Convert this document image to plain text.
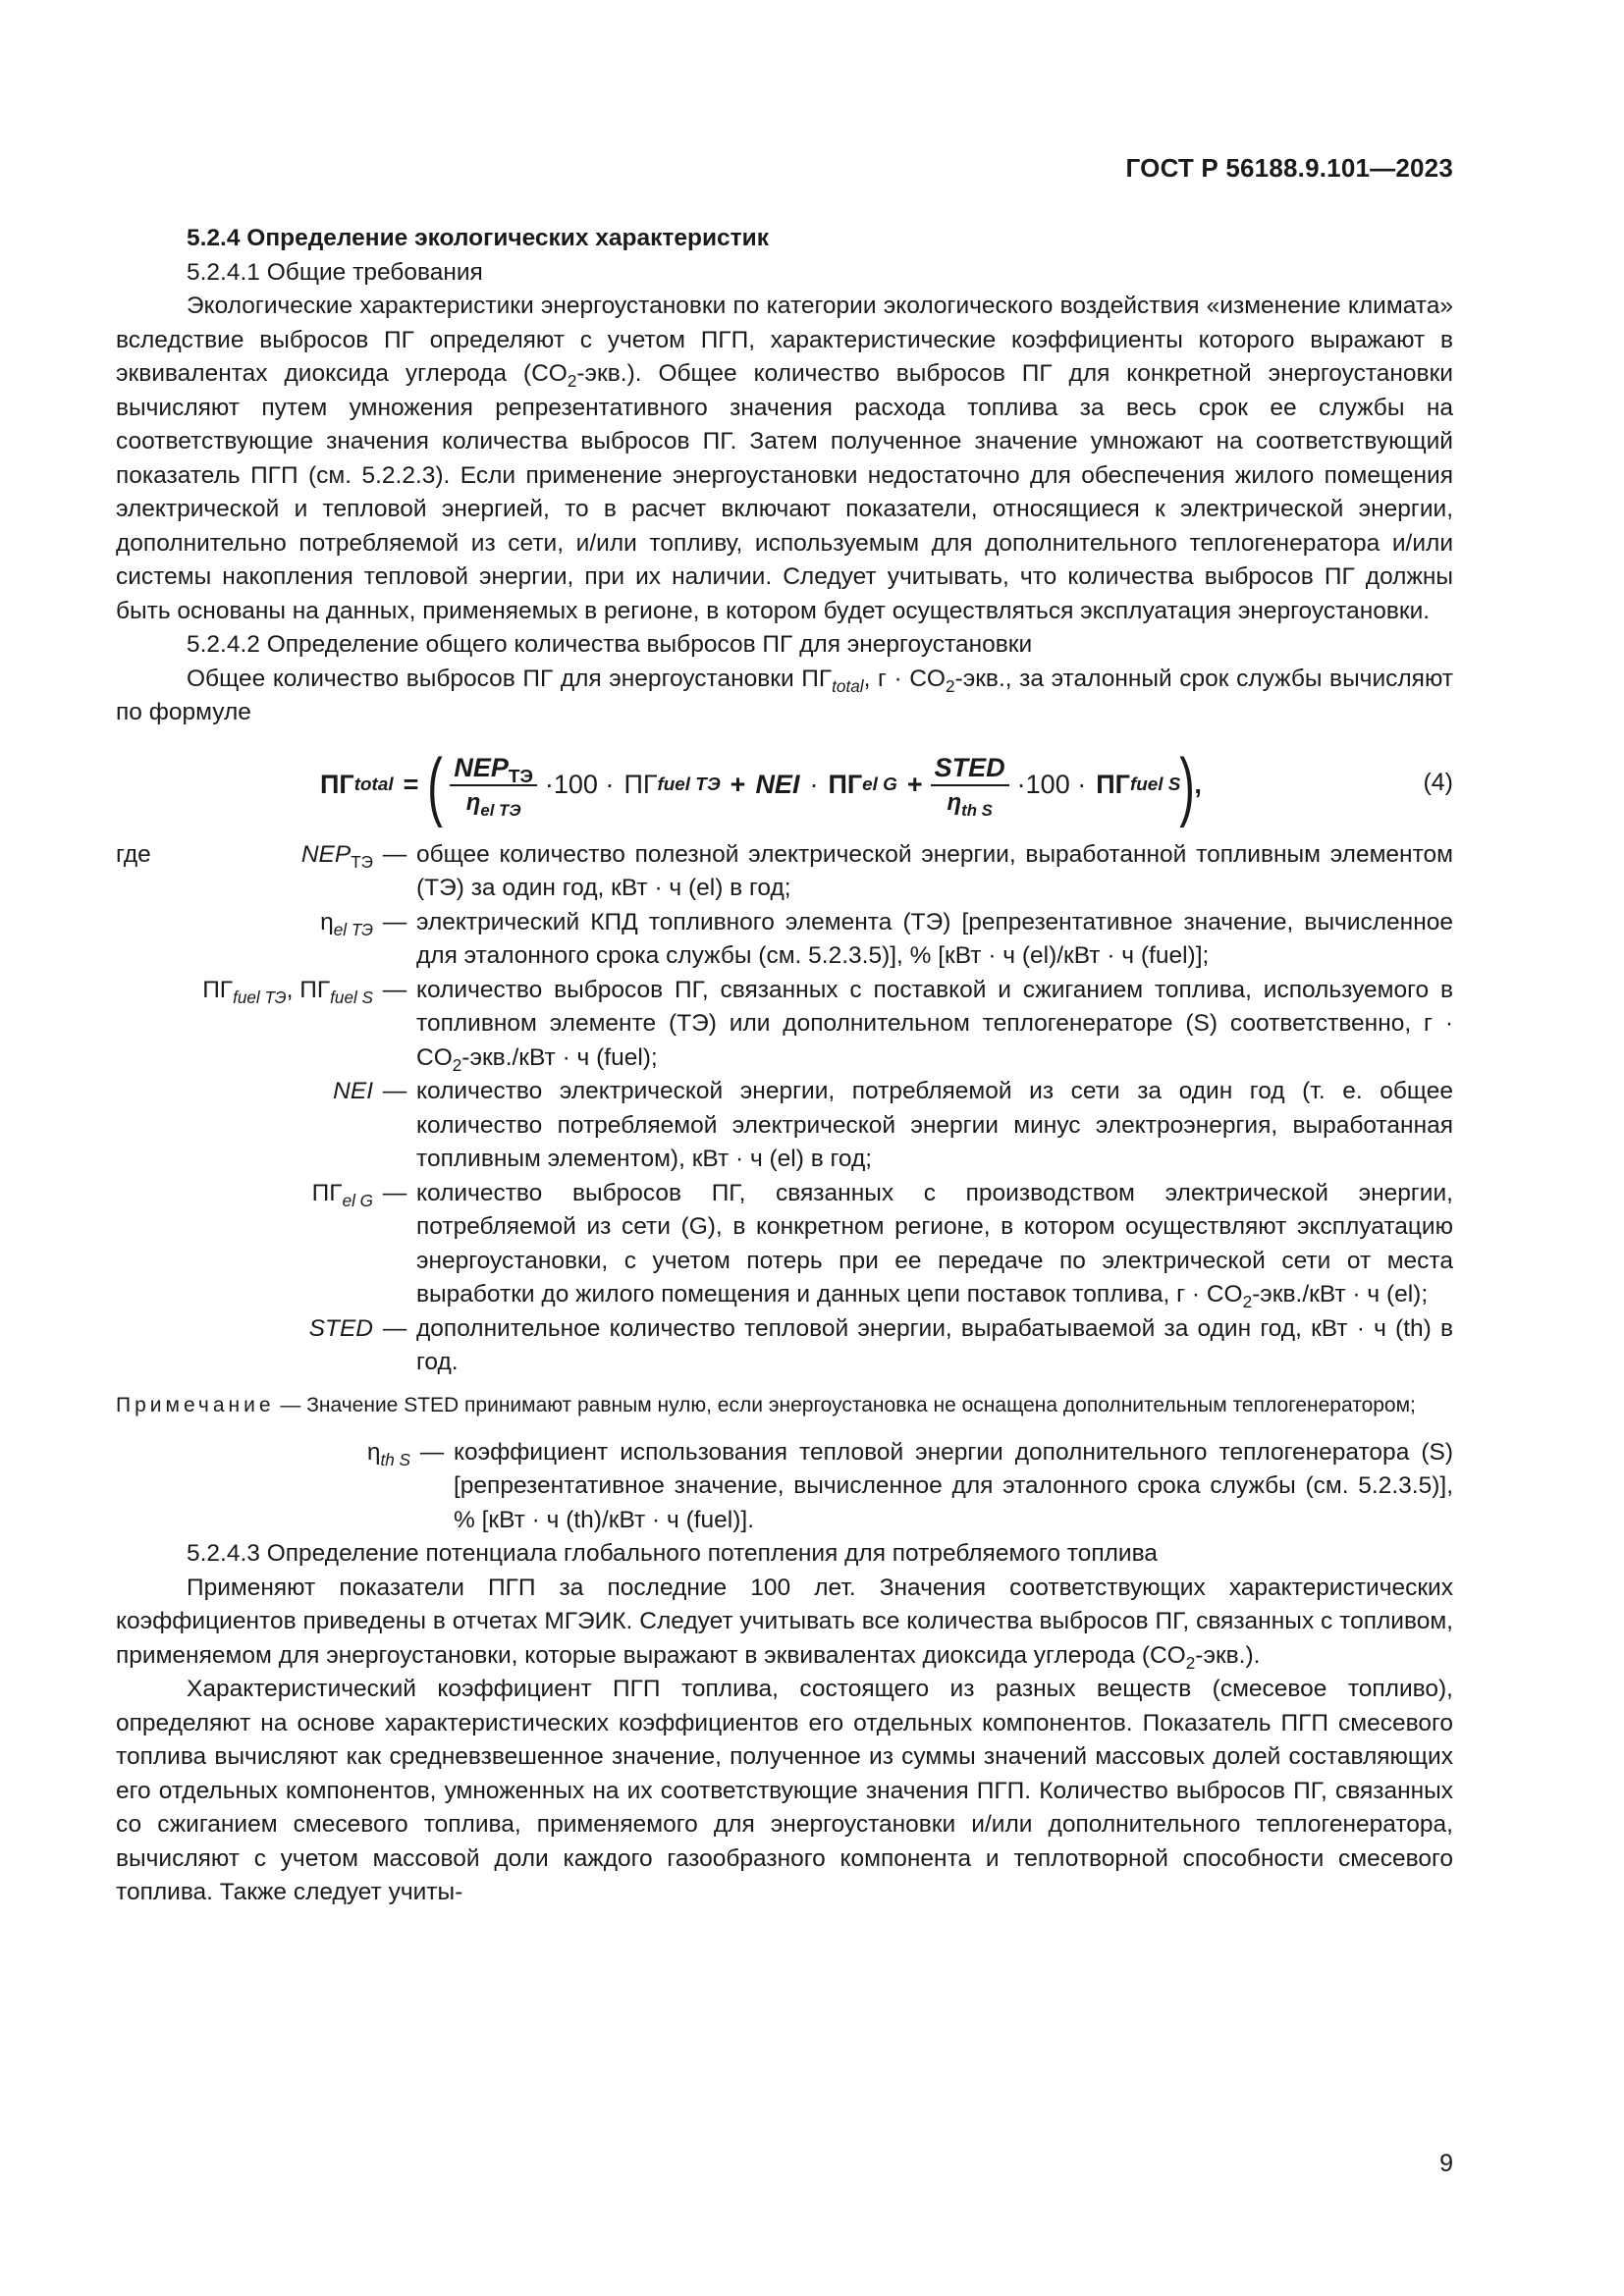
ГОСТ Р 56188.9.101—2023

5.2.4 Определение экологических характеристик

5.2.4.1 Общие требования

Экологические характеристики энергоустановки по категории экологического воздействия «изменение климата» вследствие выбросов ПГ определяют с учетом ПГП, характеристические коэффициенты которого выражают в эквивалентах диоксида углерода $(CO_2-экв.)$. Общее количество выбросов ПГ для конкретной энергоустановки вычисляют путем умножения репрезентативного значения расхода топлива за весь срок ее службы на соответствующие значения количества выбросов ПГ. Затем полученное значение умножают на соответствующий показатель ПГП (см. 5.2.2.3). Если применение энергоустановки недостаточно для обеспечения жилого помещения электрической и тепловой энергией, то в расчет включают показатели, относящиеся к электрической энергии, дополнительно потребляемой из сети, и/или топливу, используемым для дополнительного теплогенератора и/или системы накопления тепловой энергии, при их наличии. Следует учитывать, что количества выбросов ПГ должны быть основаны на данных, применяемых в регионе, в котором будет осуществляться эксплуатация энергоустановки.

5.2.4.2 Определение общего количества выбросов ПГ для энергоустановки

Общее количество выбросов ПГ для энергоустановки $ПГ_{total}$, $г \cdot CO_2$-экв., за эталонный срок службы вычисляют по формуле

ПГ total = ( $\frac{NEP_{ТЭ}}{\eta_{el ТЭ}} \cdot 100$ · ПГ fuel ТЭ + NEI · ПГ el $G + \frac{\text{STED}}{\eta_{th S}} \cdot 100$ · ПГ fuel S ) ,	(4)
где	$NEP_{ТЭ}$ — общее количество полезной электрической энергии, выработанной топливным элементом (ТЭ) за один год, кВт · ч (el) в год;
$\eta_{el ТЭ}$ — электрический КПД топливного элемента (ТЭ) [репрезентативное значение, вычисленное для эталонного срока службы (см. 5.2.3.5)], % [кВт · ч (el)/кВт · ч (fuel)];
$ПГ_{fuel ТЭ}$, $ПГ_{fuel S}$ — количество выбросов ПГ, связанных с поставкой и сжиганием топлива, используемого в топливном элементе (ТЭ) или дополнительном теплогенераторе (S) соответственно, $г \cdot CO_2-экв$./кВт · ч (fuel);
NEI — количество электрической энергии, потребляемой из сети за один год (т. е. общее количество потребляемой электрической энергии минус электроэнергия, выработанная топливным элементом), кВт · ч (el) в год;
$ПГ_{el G}$ — количество выбросов ПГ, связанных с производством электрической энергии, потребляемой из сети (G), в конкретном регионе, в котором осуществляют эксплуатацию энергоустановки, с учетом потерь при ее передаче по электрической сети от места выработки до жилого помещения и данных цепи поставок топлива, $г \cdot CO_2-экв$./кВт · ч (el);
STED — дополнительное количество тепловой энергии, вырабатываемой за один год, кВт · ч (th) в год.

Примечание — Значение STED принимают равным нулю, если энергоустановка не оснащена дополнительным теплогенератором;

$\eta_{th S}$ — коэффициент использования тепловой энергии дополнительного теплогенератора (S) [репрезентативное значение, вычисленное для эталонного срока службы (см. 5.2.3.5)], % [кВт · ч (th)/кВт · ч (fuel)].

5.2.4.3 Определение потенциала глобального потепления для потребляемого топлива

Применяют показатели ПГП за последние 100 лет. Значения соответствующих характеристических коэффициентов приведены в отчетах МГЭИК. Следует учитывать все количества выбросов ПГ, связанных с топливом, применяемом для энергоустановки, которые выражают в эквивалентах диоксида углерода $(CO_2-экв.)$.

Характеристический коэффициент ПГП топлива, состоящего из разных веществ (смесевое топливо), определяют на основе характеристических коэффициентов его отдельных компонентов. Показатель ПГП смесевого топлива вычисляют как средневзвешенное значение, полученное из суммы значений массовых долей составляющих его отдельных компонентов, умноженных на их соответствующие значения ПГП. Количество выбросов ПГ, связанных со сжиганием смесевого топлива, применяемого для энергоустановки и/или дополнительного теплогенератора, вычисляют с учетом массовой доли каждого газообразного компонента и теплотворной способности смесевого топлива. Также следует учиты-

9
